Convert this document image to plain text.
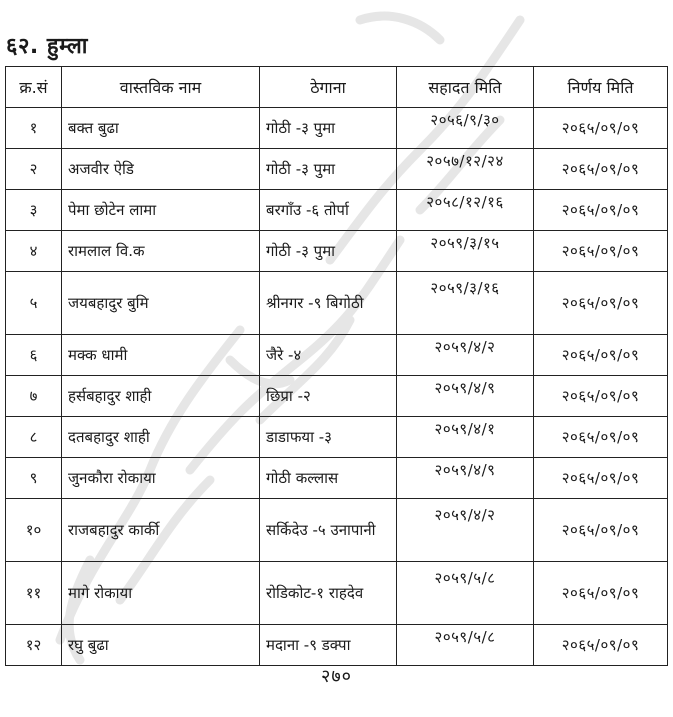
६२. हुम्ला
क्र.सं	वास्तविक नाम	ठेगाना	सहादत मिति	निर्णय मिति
१	बक्त बुढा	गोठी -३ पुमा	२०५६/९/३०	२०६५/०९/०९
२	अजवीर ऐडि	गोठी -३ पुमा	२०५७/१२/२४	२०६५/०९/०९
३	पेमा छोटेन लामा	बरगाँउ -६ तोर्पा	२०५८/१२/१६	२०६५/०९/०९
४	रामलाल वि.क	गोठी -३ पुमा	२०५९/३/१५	२०६५/०९/०९
५	जयबहादुर बुमि	श्रीनगर -९ बिगोठी	२०५९/३/१६	२०६५/०९/०९
६	मक्क धामी	जैरे -४	२०५९/४/२	२०६५/०९/०९
७	हर्सबहादुर शाही	छिप्रा -२	२०५९/४/९	२०६५/०९/०९
८	दतबहादुर शाही	डाडाफया -३	२०५९/४/१	२०६५/०९/०९
९	जुनकौरा रोकाया	गोठी कल्लास	२०५९/४/९	२०६५/०९/०९
१०	राजबहादुर कार्की	सर्किदेउ -५ उनापानी	२०५९/४/२	२०६५/०९/०९
११	मागे रोकाया	रोडिकोट-१ राहदेव	२०५९/५/८	२०६५/०९/०९
१२	रघु बुढा	मदाना -९ डक्पा	२०५९/५/८	२०६५/०९/०९
२७०
